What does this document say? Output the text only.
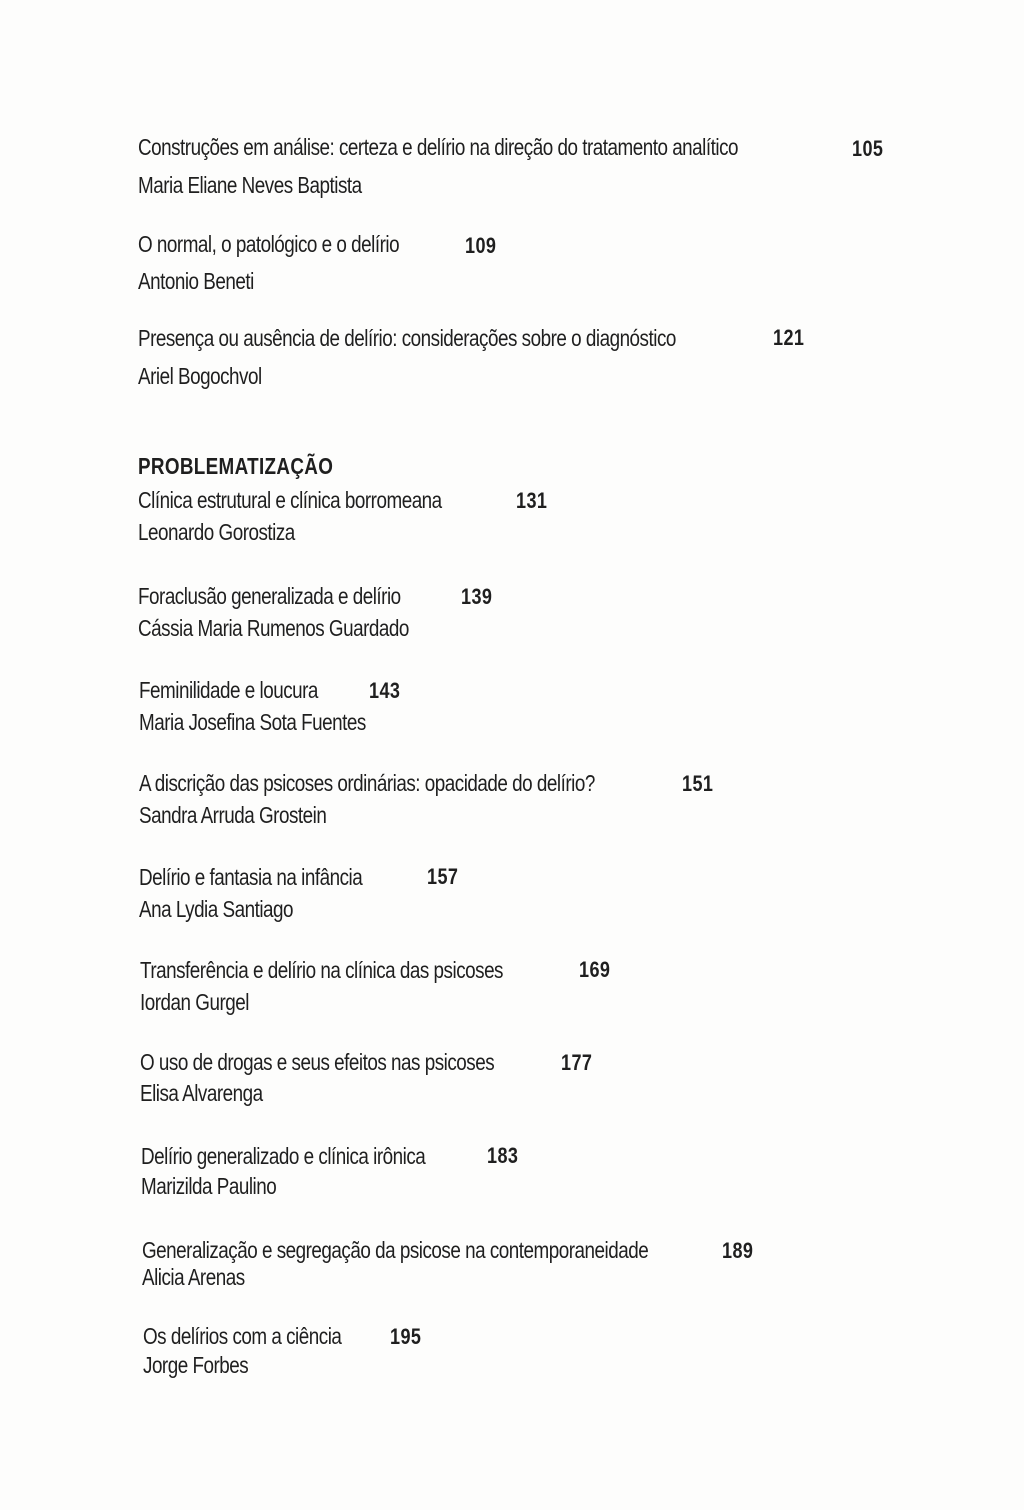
Construções em análise: certeza e delírio na direção do tratamento analítico	105
Maria Eliane Neves Baptista
O normal, o patológico e o delírio	109
Antonio Beneti
Presença ou ausência de delírio: considerações sobre o diagnóstico	121
Ariel Bogochvol
PROBLEMATIZAÇÃO
Clínica estrutural e clínica borromeana	131
Leonardo Gorostiza
Foraclusão generalizada e delírio	139
Cássia Maria Rumenos Guardado
Feminilidade e loucura 143
Maria Josefina Sota Fuentes
A discrição das psicoses ordinárias: opacidade do delírio?	151
Sandra Arruda Grostein
Delírio e fantasia na infância	157
Ana Lydia Santiago
Transferência e delírio na clínica das psicoses	169
Iordan Gurgel
O uso de drogas e seus efeitos nas psicoses	177
Elisa Alvarenga
Delírio generalizado e clínica irônica	183
Marizilda Paulino
Generalização e segregação da psicose na contemporaneidade	189
Alicia Arenas
Os delírios com a ciência 195
Jorge Forbes
